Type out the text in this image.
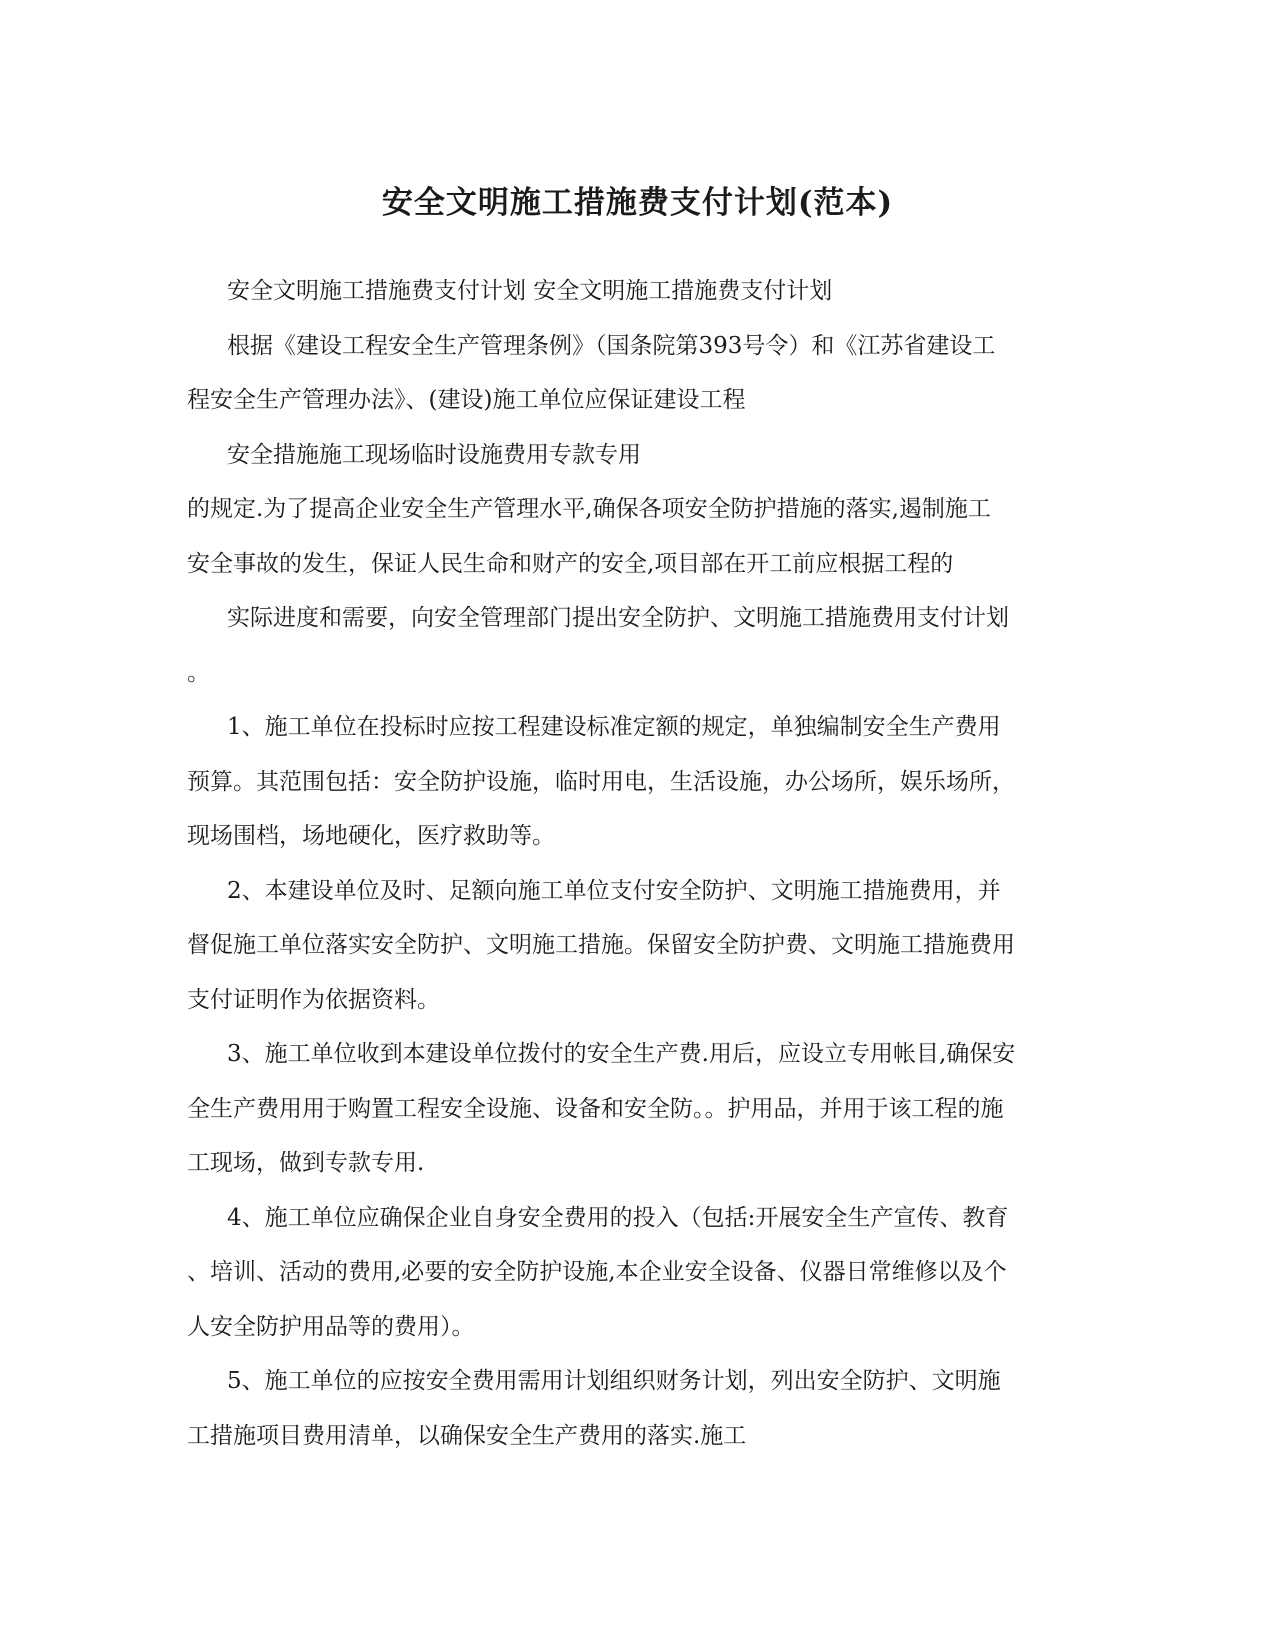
安全文明施工措施费支付计划(范本)
安全文明施工措施费支付计划 安全文明施工措施费支付计划
根据《建设工程安全生产管理条例》（国条院第393号令）和《江苏省建设工
程安全生产管理办法》、(建设)施工单位应保证建设工程
安全措施施工现场临时设施费用专款专用
的规定.为了提高企业安全生产管理水平,确保各项安全防护措施的落实,遏制施工
安全事故的发生，保证人民生命和财产的安全,项目部在开工前应根据工程的
实际进度和需要，向安全管理部门提出安全防护、文明施工措施费用支付计划
。
1、施工单位在投标时应按工程建设标准定额的规定，单独编制安全生产费用
预算。其范围包括：安全防护设施，临时用电，生活设施，办公场所，娱乐场所，
现场围档，场地硬化，医疗救助等。
2、本建设单位及时、足额向施工单位支付安全防护、文明施工措施费用，并
督促施工单位落实安全防护、文明施工措施。保留安全防护费、文明施工措施费用
支付证明作为依据资料。
3、施工单位收到本建设单位拨付的安全生产费.用后，应设立专用帐目,确保安
全生产费用用于购置工程安全设施、设备和安全防。。护用品，并用于该工程的施
工现场，做到专款专用.
4、施工单位应确保企业自身安全费用的投入（包括:开展安全生产宣传、教育
、培训、活动的费用,必要的安全防护设施,本企业安全设备、仪器日常维修以及个
人安全防护用品等的费用）。
5、施工单位的应按安全费用需用计划组织财务计划，列出安全防护、文明施
工措施项目费用清单，以确保安全生产费用的落实.施工
